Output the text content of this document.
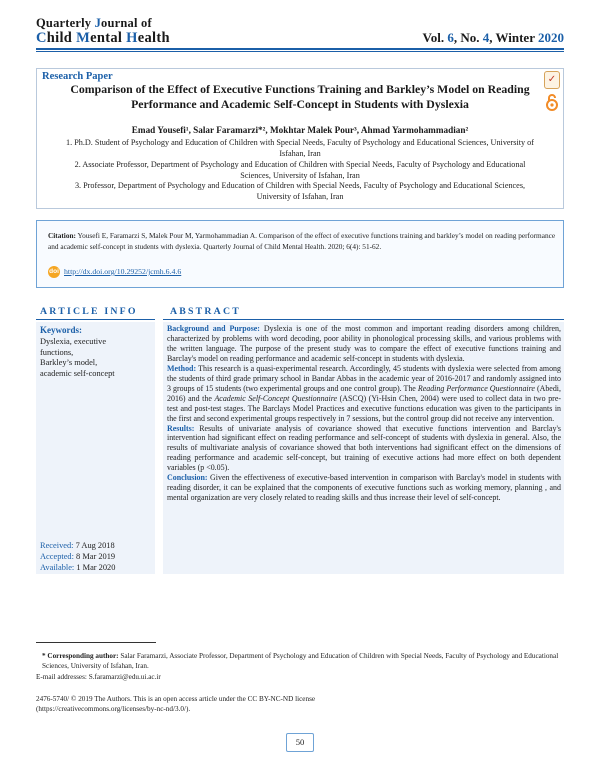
Quarterly Journal of
Child Mental Health	Vol. 6, No. 4, Winter 2020
Research Paper
Comparison of the Effect of Executive Functions Training and Barkley’s Model on Reading Performance and Academic Self-Concept in Students with Dyslexia
✓
Emad Yousefi¹, Salar Faramarzi*², Mokhtar Malek Pour³, Ahmad Yarmohammadian²
1. Ph.D. Student of Psychology and Education of Children with Special Needs, Faculty of Psychology and Educational Sciences, University of Isfahan, Iran
2. Associate Professor, Department of Psychology and Education of Children with Special Needs, Faculty of Psychology and Educational Sciences, University of Isfahan, Iran
3. Professor, Department of Psychology and Education of Children with Special Needs, Faculty of Psychology and Educational Sciences, University of Isfahan, Iran
Citation: Yousefi E, Faramarzi S, Malek Pour M, Yarmohammadian A. Comparison of the effect of executive functions training and barkley’s model on reading performance and academic self-concept in students with dyslexia. Quarterly Journal of Child Mental Health. 2020; 6(4): 51-62.
doi http://dx.doi.org/10.29252/jcmh.6.4.6
ARTICLE INFO	ABSTRACT
Keywords:
Dyslexia, executive
functions,
Barkley’s model,
academic self-concept
Received: 7 Aug 2018
Accepted: 8 Mar 2019
Available: 1 Mar 2020

Background and Purpose: Dyslexia is one of the most common and important reading disorders among children, characterized by problems with word decoding, poor ability in phonological processing skills, and various problems with the written language. The purpose of the present study was to compare the effect of executive functions training and Barclay's model on reading performance and academic self-concept in students with dyslexia.

Method: This research is a quasi-experimental research. Accordingly, 45 students with dyslexia were selected from among the students of third grade primary school in Bandar Abbas in the academic year of 2016-2017 and randomly assigned into 3 groups of 15 students (two experimental groups and one control group). The Reading Performance Questionnaire (Abedi, 2016) and the Academic Self-Concept Questionnaire (ASCQ) (Yi-Hsin Chen, 2004) were used to collect data in two pre-test and post-test stages. The Barclays Model Practices and executive functions education was given to the participants in the first and second experimental groups respectively in 7 sessions, but the control group did not receive any intervention.

Results: Results of univariate analysis of covariance showed that executive functions intervention and Barclay's intervention had significant effect on reading performance and self-concept of students with dyslexia in general. Also, the results of multivariate analysis of covariance showed that both interventions had significant effect on the dimensions of reading performance and academic self-concept, but training of executive actions had more effect on both dependent variables (p <0.05).

Conclusion: Given the effectiveness of executive-based intervention in comparison with Barclay's model in students with reading disorder, it can be explained that the components of executive functions such as working memory, planning , and mental organization are very closely related to reading skills and thus increase their level of self-concept.

* Corresponding author: Salar Faramarzi, Associate Professor, Department of Psychology and Education of Children with Special Needs, Faculty of Psychology and Educational Sciences, University of Isfahan, Iran.
E-mail addresses: S.faramarzi@edu.ui.ac.ir
2476-5740/ © 2019 The Authors. This is an open access article under the CC BY-NC-ND license
(https://creativecommons.org/licenses/by-nc-nd/3.0/).
50
